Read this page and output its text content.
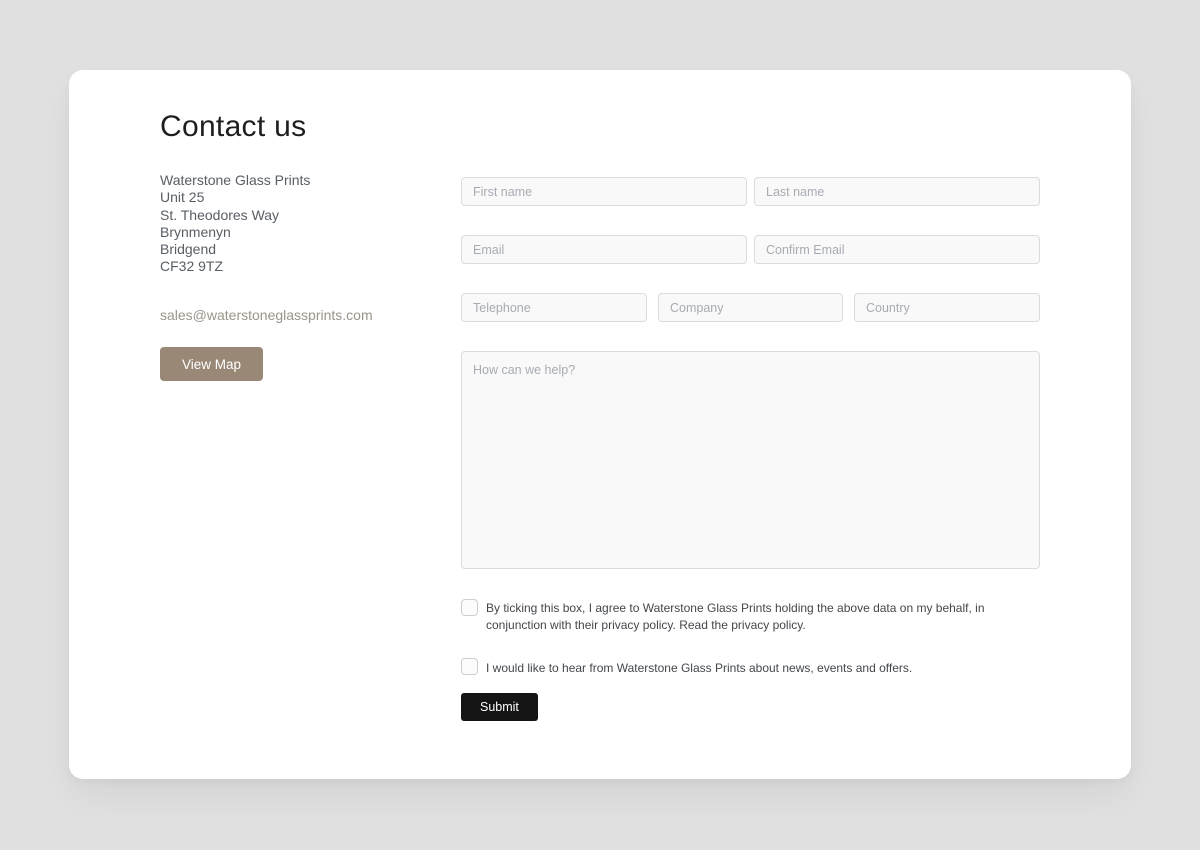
Contact us
Waterstone Glass Prints
Unit 25
St. Theodores Way
Brynmenyn
Bridgend
CF32 9TZ
sales@waterstoneglassprints.com
View Map
First name
Last name
Email
Confirm Email
Telephone
Company
Country
How can we help?
By ticking this box, I agree to Waterstone Glass Prints holding the above data on my behalf, in conjunction with their privacy policy. Read the privacy policy.
I would like to hear from Waterstone Glass Prints about news, events and offers.
Submit
